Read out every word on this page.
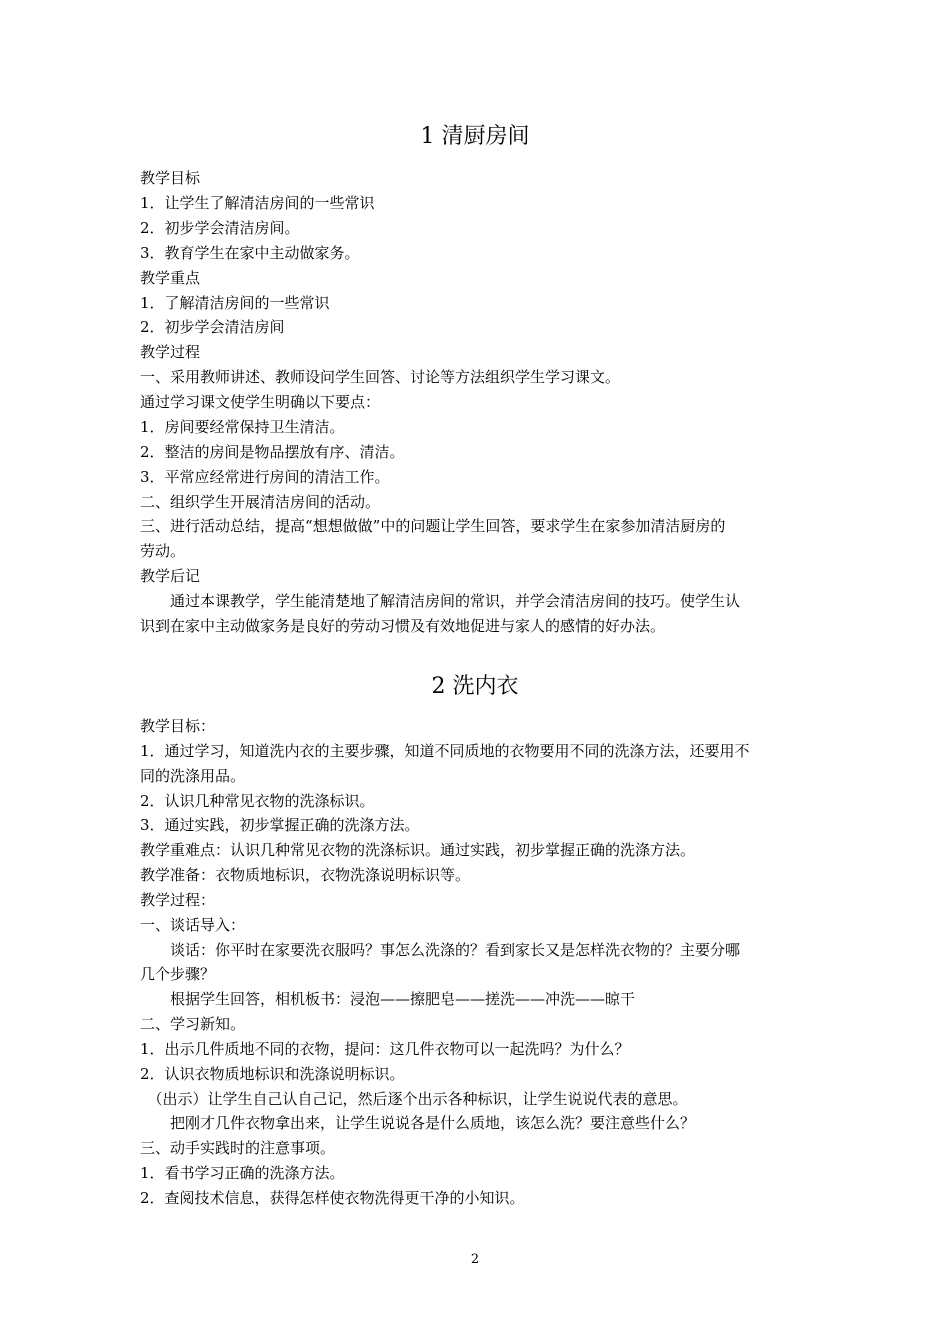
1 清厨房间
教学目标
1．让学生了解清洁房间的一些常识
2．初步学会清洁房间。
3．教育学生在家中主动做家务。
教学重点
1．了解清洁房间的一些常识
2．初步学会清洁房间
教学过程
一、采用教师讲述、教师设问学生回答、讨论等方法组织学生学习课文。
通过学习课文使学生明确以下要点：
1．房间要经常保持卫生清洁。
2．整洁的房间是物品摆放有序、清洁。
3．平常应经常进行房间的清洁工作。
二、组织学生开展清洁房间的活动。
三、进行活动总结，提高“想想做做”中的问题让学生回答，要求学生在家参加清洁厨房的
劳动。
教学后记
　　通过本课教学，学生能清楚地了解清洁房间的常识，并学会清洁房间的技巧。使学生认
识到在家中主动做家务是良好的劳动习惯及有效地促进与家人的感情的好办法。
2 洗内衣
教学目标：
1．通过学习，知道洗内衣的主要步骤，知道不同质地的衣物要用不同的洗涤方法，还要用不
同的洗涤用品。
2．认识几种常见衣物的洗涤标识。
3．通过实践，初步掌握正确的洗涤方法。
教学重难点：认识几种常见衣物的洗涤标识。通过实践，初步掌握正确的洗涤方法。
教学准备：衣物质地标识，衣物洗涤说明标识等。
教学过程：
一、谈话导入：
　　谈话：你平时在家要洗衣服吗？事怎么洗涤的？看到家长又是怎样洗衣物的？主要分哪
几个步骤？
　　根据学生回答，相机板书：浸泡——擦肥皂——搓洗——冲洗——晾干
二、学习新知。
1．出示几件质地不同的衣物，提问：这几件衣物可以一起洗吗？为什么？
2．认识衣物质地标识和洗涤说明标识。
　（出示）让学生自己认自己记，然后逐个出示各种标识，让学生说说代表的意思。
　　把刚才几件衣物拿出来，让学生说说各是什么质地，该怎么洗？要注意些什么？
三、动手实践时的注意事项。
1．看书学习正确的洗涤方法。
2．查阅技术信息，获得怎样使衣物洗得更干净的小知识。
2
